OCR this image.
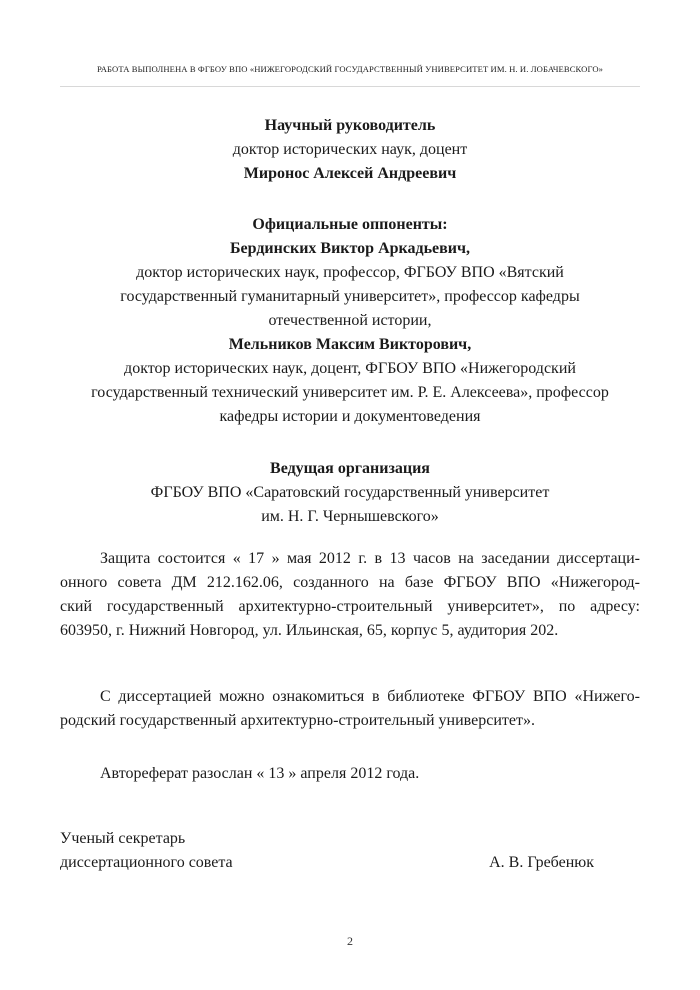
РАБОТА ВЫПОЛНЕНА В ФГБОУ ВПО «НИЖЕГОРОДСКИЙ ГОСУДАРСТВЕННЫЙ УНИВЕРСИТЕТ ИМ. Н. И. ЛОБАЧЕВСКОГО»
Научный руководитель
доктор исторических наук, доцент
Миронос Алексей Андреевич
Официальные оппоненты:
Бердинских Виктор Аркадьевич,
доктор исторических наук, профессор, ФГБОУ ВПО «Вятский
государственный гуманитарный университет», профессор кафедры
отечественной истории,
Мельников Максим Викторович,
доктор исторических наук, доцент, ФГБОУ ВПО «Нижегородский
государственный технический университет им. Р. Е. Алексеева», профессор
кафедры истории и документоведения
Ведущая организация
ФГБОУ ВПО «Саратовский государственный университет
им. Н. Г. Чернышевского»
Защита состоится « 17 » мая 2012 г. в 13 часов на заседании диссертаци-
онного совета ДМ 212.162.06, созданного на базе ФГБОУ ВПО «Нижегород-
ский государственный архитектурно-строительный университет», по адресу:
603950, г. Нижний Новгород, ул. Ильинская, 65, корпус 5, аудитория 202.
С диссертацией можно ознакомиться в библиотеке ФГБОУ ВПО «Нижего-
родский государственный архитектурно-строительный университет».
Автореферат разослан « 13 » апреля 2012 года.
Ученый секретарь
диссертационного совета	А. В. Гребенюк
2
